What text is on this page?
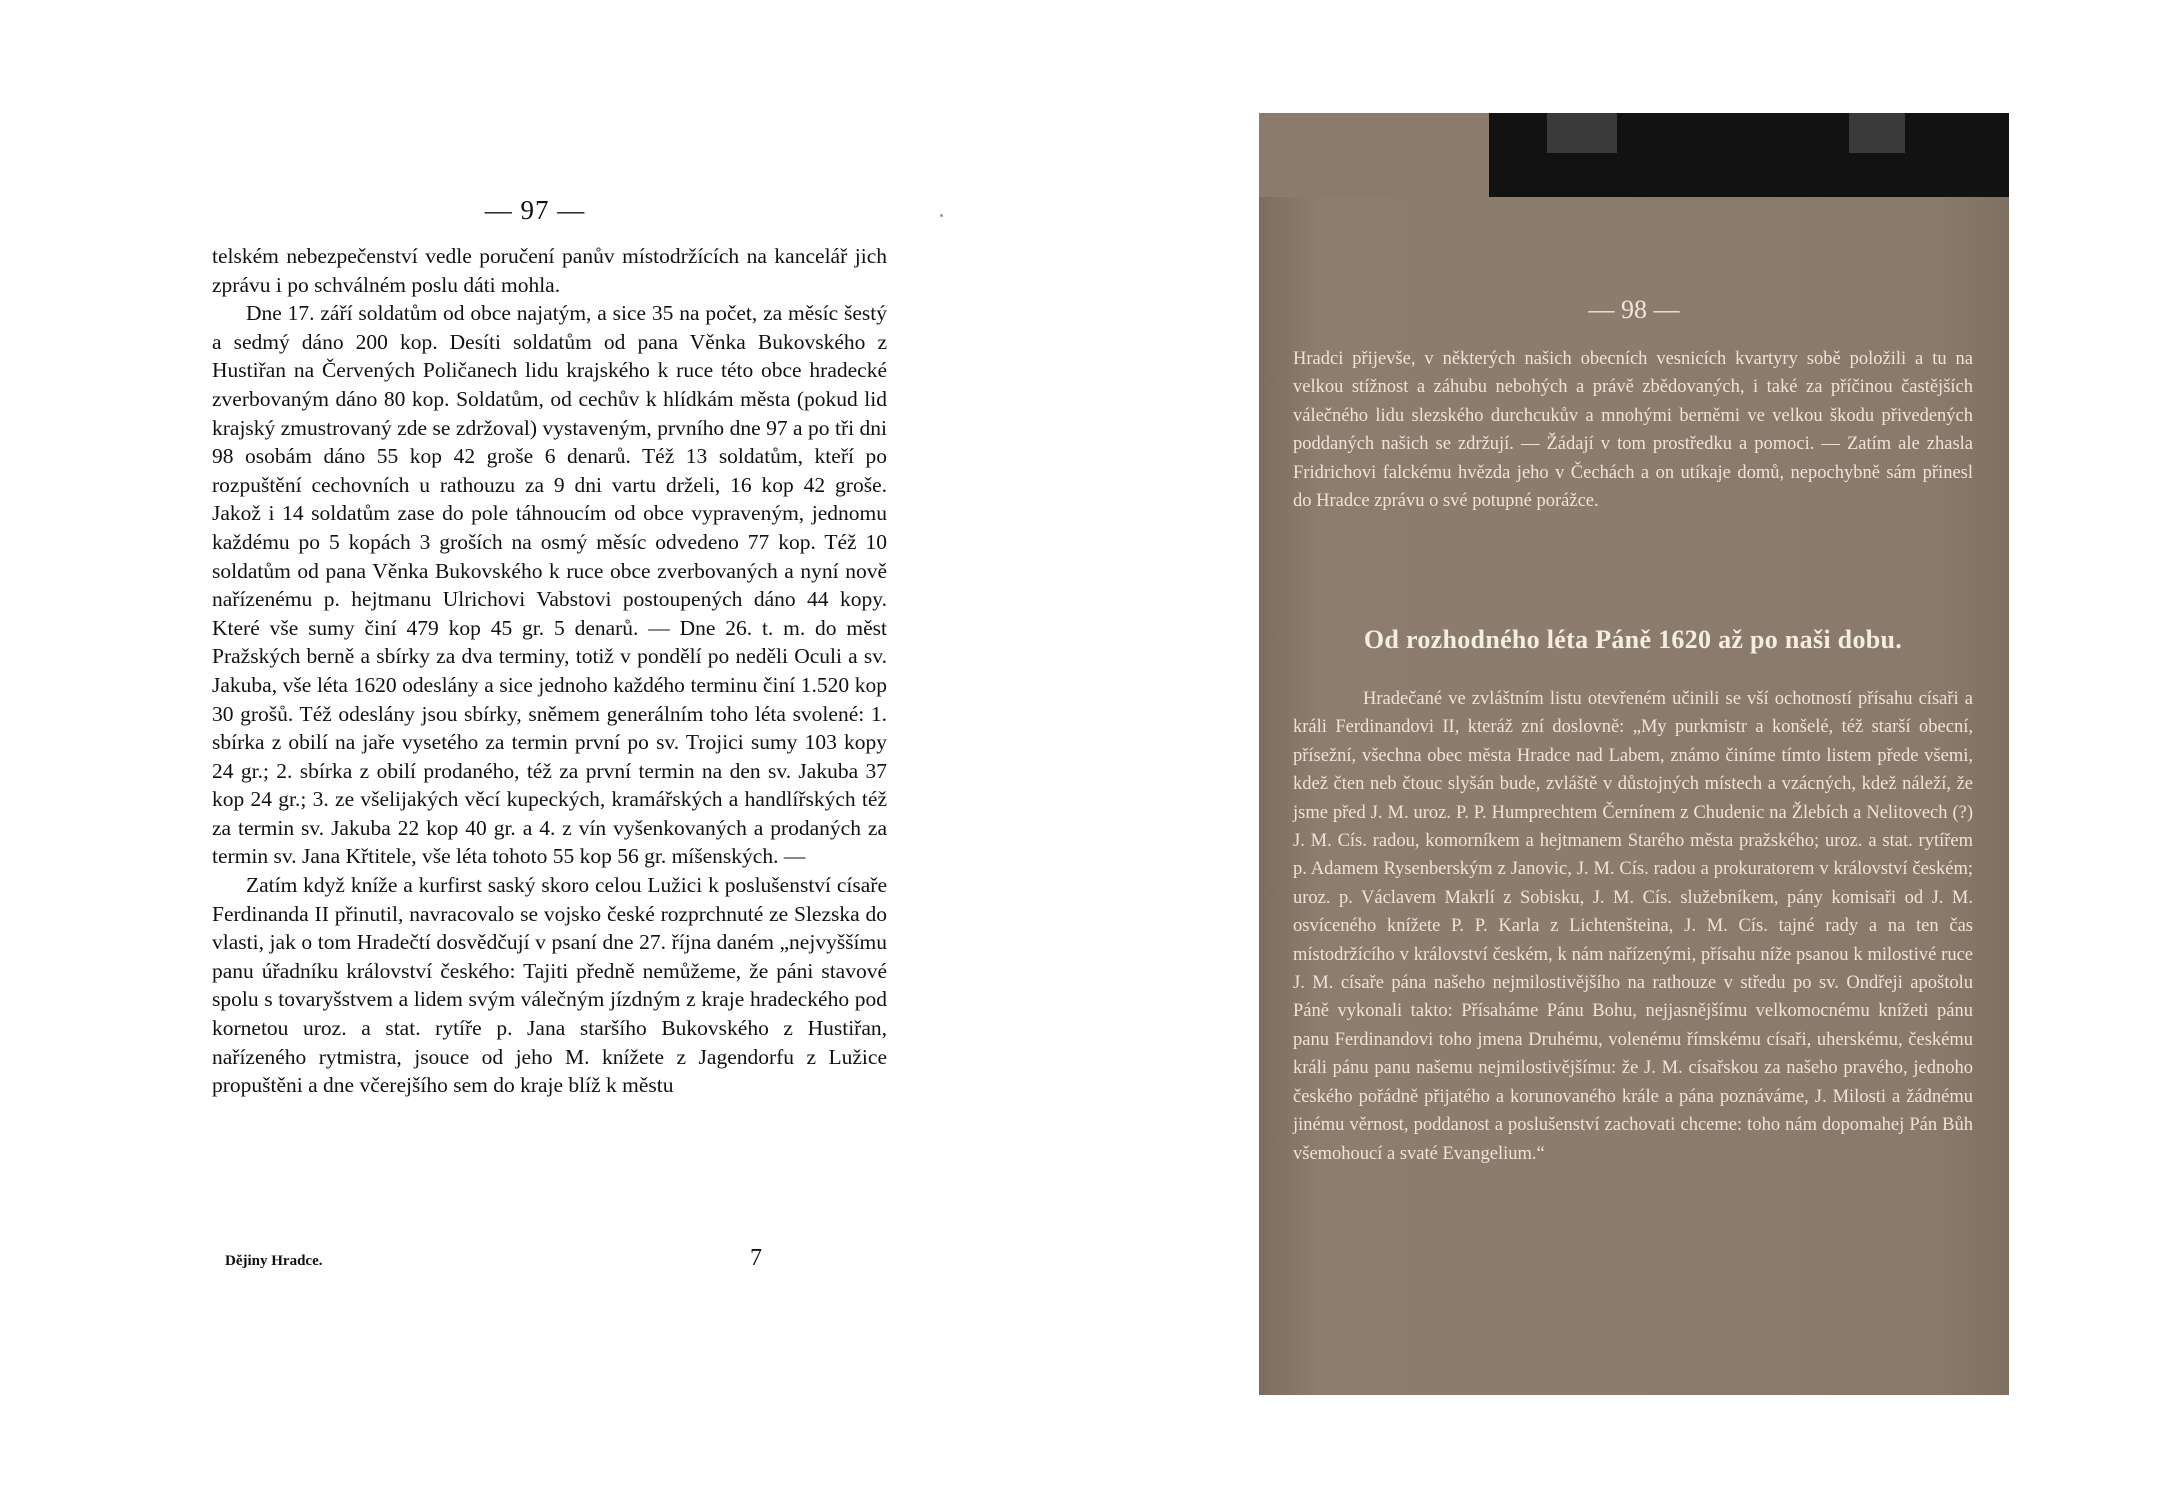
— 97 —

telském nebezpečenství vedle poručení panův místodržících na kancelář jich zprávu i po schválném poslu dáti mohla.

Dne 17. září soldatům od obce najatým, a sice 35 na počet, za měsíc šestý a sedmý dáno 200 kop. Desíti soldatům od pana Věnka Bukovského z Hustiřan na Červených Poličanech lidu krajského k ruce této obce hradecké zverbovaným dáno 80 kop. Soldatům, od cechův k hlídkám města (pokud lid krajský zmustrovaný zde se zdržoval) vystaveným, prvního dne 97 a po tři dni 98 osobám dáno 55 kop 42 groše 6 denarů. Též 13 soldatům, kteří po rozpuštění cechovních u rathouzu za 9 dni vartu drželi, 16 kop 42 groše. Jakož i 14 soldatům zase do pole táhnoucím od obce vypraveným, jednomu každému po 5 kopách 3 groších na osmý měsíc odvedeno 77 kop. Též 10 soldatům od pana Věnka Bukovského k ruce obce zverbovaných a nyní nově nařízenému p. hejtmanu Ulrichovi Vabstovi postoupených dáno 44 kopy. Které vše sumy činí 479 kop 45 gr. 5 denarů. — Dne 26. t. m. do měst Pražských berně a sbírky za dva terminy, totiž v pondělí po neděli Oculi a sv. Jakuba, vše léta 1620 odeslány a sice jednoho každého terminu činí 1.520 kop 30 grošů. Též odeslány jsou sbírky, sněmem generálním toho léta svolené: 1. sbírka z obilí na jaře vysetého za termin první po sv. Trojici sumy 103 kopy 24 gr.; 2. sbírka z obilí prodaného, též za první termin na den sv. Jakuba 37 kop 24 gr.; 3. ze všelijakých věcí kupeckých, kramářských a handlířských též za termin sv. Jakuba 22 kop 40 gr. a 4. z vín vyšenkovaných a prodaných za termin sv. Jana Křtitele, vše léta tohoto 55 kop 56 gr. míšenských. —

Zatím když kníže a kurfirst saský skoro celou Lužici k poslušenství císaře Ferdinanda II přinutil, navracovalo se vojsko české rozprchnuté ze Slezska do vlasti, jak o tom Hradečtí dosvědčují v psaní dne 27. října daném „nejvyššímu panu úřadníku království českého: Tajiti předně nemůžeme, že páni stavové spolu s tovaryšstvem a lidem svým válečným jízdným z kraje hradeckého pod kornetou uroz. a stat. rytíře p. Jana staršího Bukovského z Hustiřan, nařízeného rytmistra, jsouce od jeho M. knížete z Jagendorfu z Lužice propuštěni a dne včerejšího sem do kraje blíž k městu

Dějiny Hradce.	7
— 98 —

Hradci přijevše, v některých našich obecních vesnicích kvartyry sobě položili a tu na velkou stížnost a záhubu nebohých a právě zbědovaných, i také za příčinou častějších válečného lidu slezského durchcukův a mnohými berněmi ve velkou škodu přivedených poddaných našich se zdržují. — Žádají v tom prostředku a pomoci. — Zatím ale zhasla Fridrichovi falckému hvězda jeho v Čechách a on utíkaje domů, nepochybně sám přinesl do Hradce zprávu o své potupné porážce.

Od rozhodného léta Páně 1620 až po naši dobu.

Hradečané ve zvláštním listu otevřeném učinili se vší ochotností přísahu císaři a králi Ferdinandovi II, kteráž zní doslovně: „My purkmistr a konšelé, též starší obecní, přísežní, všechna obec města Hradce nad Labem, známo činíme tímto listem přede všemi, kdež čten neb čtouc slyšán bude, zvláště v důstojných místech a vzácných, kdež náleží, že jsme před J. M. uroz. P. P. Humprechtem Černínem z Chudenic na Žlebích a Nelitovech (?) J. M. Cís. radou, komorníkem a hejtmanem Starého města pražského; uroz. a stat. rytířem p. Adamem Rysenberským z Janovic, J. M. Cís. radou a prokuratorem v království českém; uroz. p. Václavem Makrlí z Sobisku, J. M. Cís. služebníkem, pány komisaři od J. M. osvíceného knížete P. P. Karla z Lichtenšteina, J. M. Cís. tajné rady a na ten čas místodržícího v království českém, k nám nařízenými, přísahu níže psanou k milostivé ruce J. M. císaře pána našeho nejmilostivějšího na rathouze v středu po sv. Ondřeji apoštolu Páně vykonali takto: Přísaháme Pánu Bohu, nejjasnějšímu velkomocnému knížeti pánu panu Ferdinandovi toho jmena Druhému, volenému římskému císaři, uherskému, českému králi pánu panu našemu nejmilostivějšímu: že J. M. císařskou za našeho pravého, jednoho českého pořádně přijatého a korunovaného krále a pána poznáváme, J. Milosti a žádnému jinému věrnost, poddanost a poslušenství zachovati chceme: toho nám dopomahej Pán Bůh všemohoucí a svaté Evangelium.“
